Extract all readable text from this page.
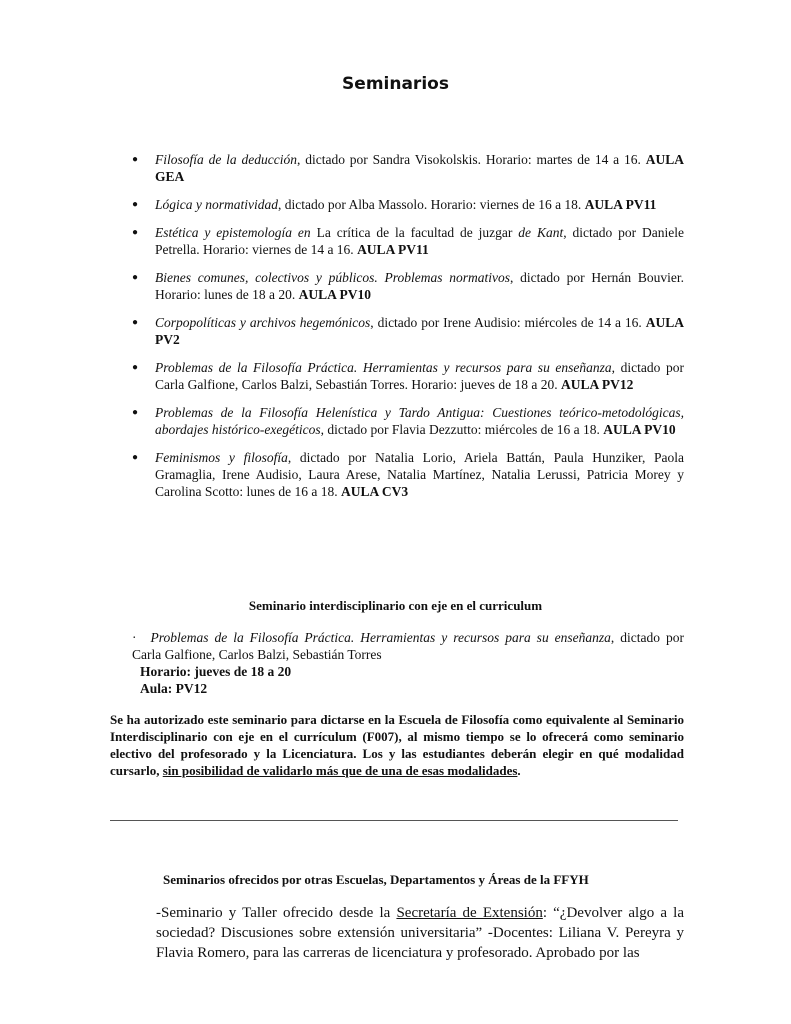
Seminarios
● Filosofía de la deducción, dictado por Sandra Visokolskis. Horario: martes de 14 a 16. AULA GEA
● Lógica y normatividad, dictado por Alba Massolo. Horario: viernes de 16 a 18. AULA PV11
● Estética y epistemología en La crítica de la facultad de juzgar de Kant, dictado por Daniele Petrella. Horario: viernes de 14 a 16. AULA PV11
● Bienes comunes, colectivos y públicos. Problemas normativos, dictado por Hernán Bouvier. Horario: lunes de 18 a 20. AULA PV10
● Corpopolíticas y archivos hegemónicos, dictado por Irene Audisio: miércoles de 14 a 16. AULA PV2
● Problemas de la Filosofía Práctica. Herramientas y recursos para su enseñanza, dictado por Carla Galfione, Carlos Balzi, Sebastián Torres. Horario: jueves de 18 a 20. AULA PV12
● Problemas de la Filosofía Helenística y Tardo Antigua: Cuestiones teórico-metodológicas, abordajes histórico-exegéticos, dictado por Flavia Dezzutto: miércoles de 16 a 18. AULA PV10
● Feminismos y filosofía, dictado por Natalia Lorio, Ariela Battán, Paula Hunziker, Paola Gramaglia, Irene Audisio, Laura Arese, Natalia Martínez, Natalia Lerussi, Patricia Morey y Carolina Scotto: lunes de 16 a 18. AULA CV3
Seminario interdisciplinario con eje en el curriculum
· Problemas de la Filosofía Práctica. Herramientas y recursos para su enseñanza, dictado por Carla Galfione, Carlos Balzi, Sebastián Torres
Horario: jueves de 18 a 20
Aula: PV12
Se ha autorizado este seminario para dictarse en la Escuela de Filosofía como equivalente al Seminario Interdisciplinario con eje en el currículum (F007), al mismo tiempo se lo ofrecerá como seminario electivo del profesorado y la Licenciatura. Los y las estudiantes deberán elegir en qué modalidad cursarlo, sin posibilidad de validarlo más que de una de esas modalidades.
Seminarios ofrecidos por otras Escuelas, Departamentos y Áreas de la FFYH
-Seminario y Taller ofrecido desde la Secretaría de Extensión: “¿Devolver algo a la sociedad? Discusiones sobre extensión universitaria” -Docentes: Liliana V. Pereyra y Flavia Romero, para las carreras de licenciatura y profesorado. Aprobado por las
